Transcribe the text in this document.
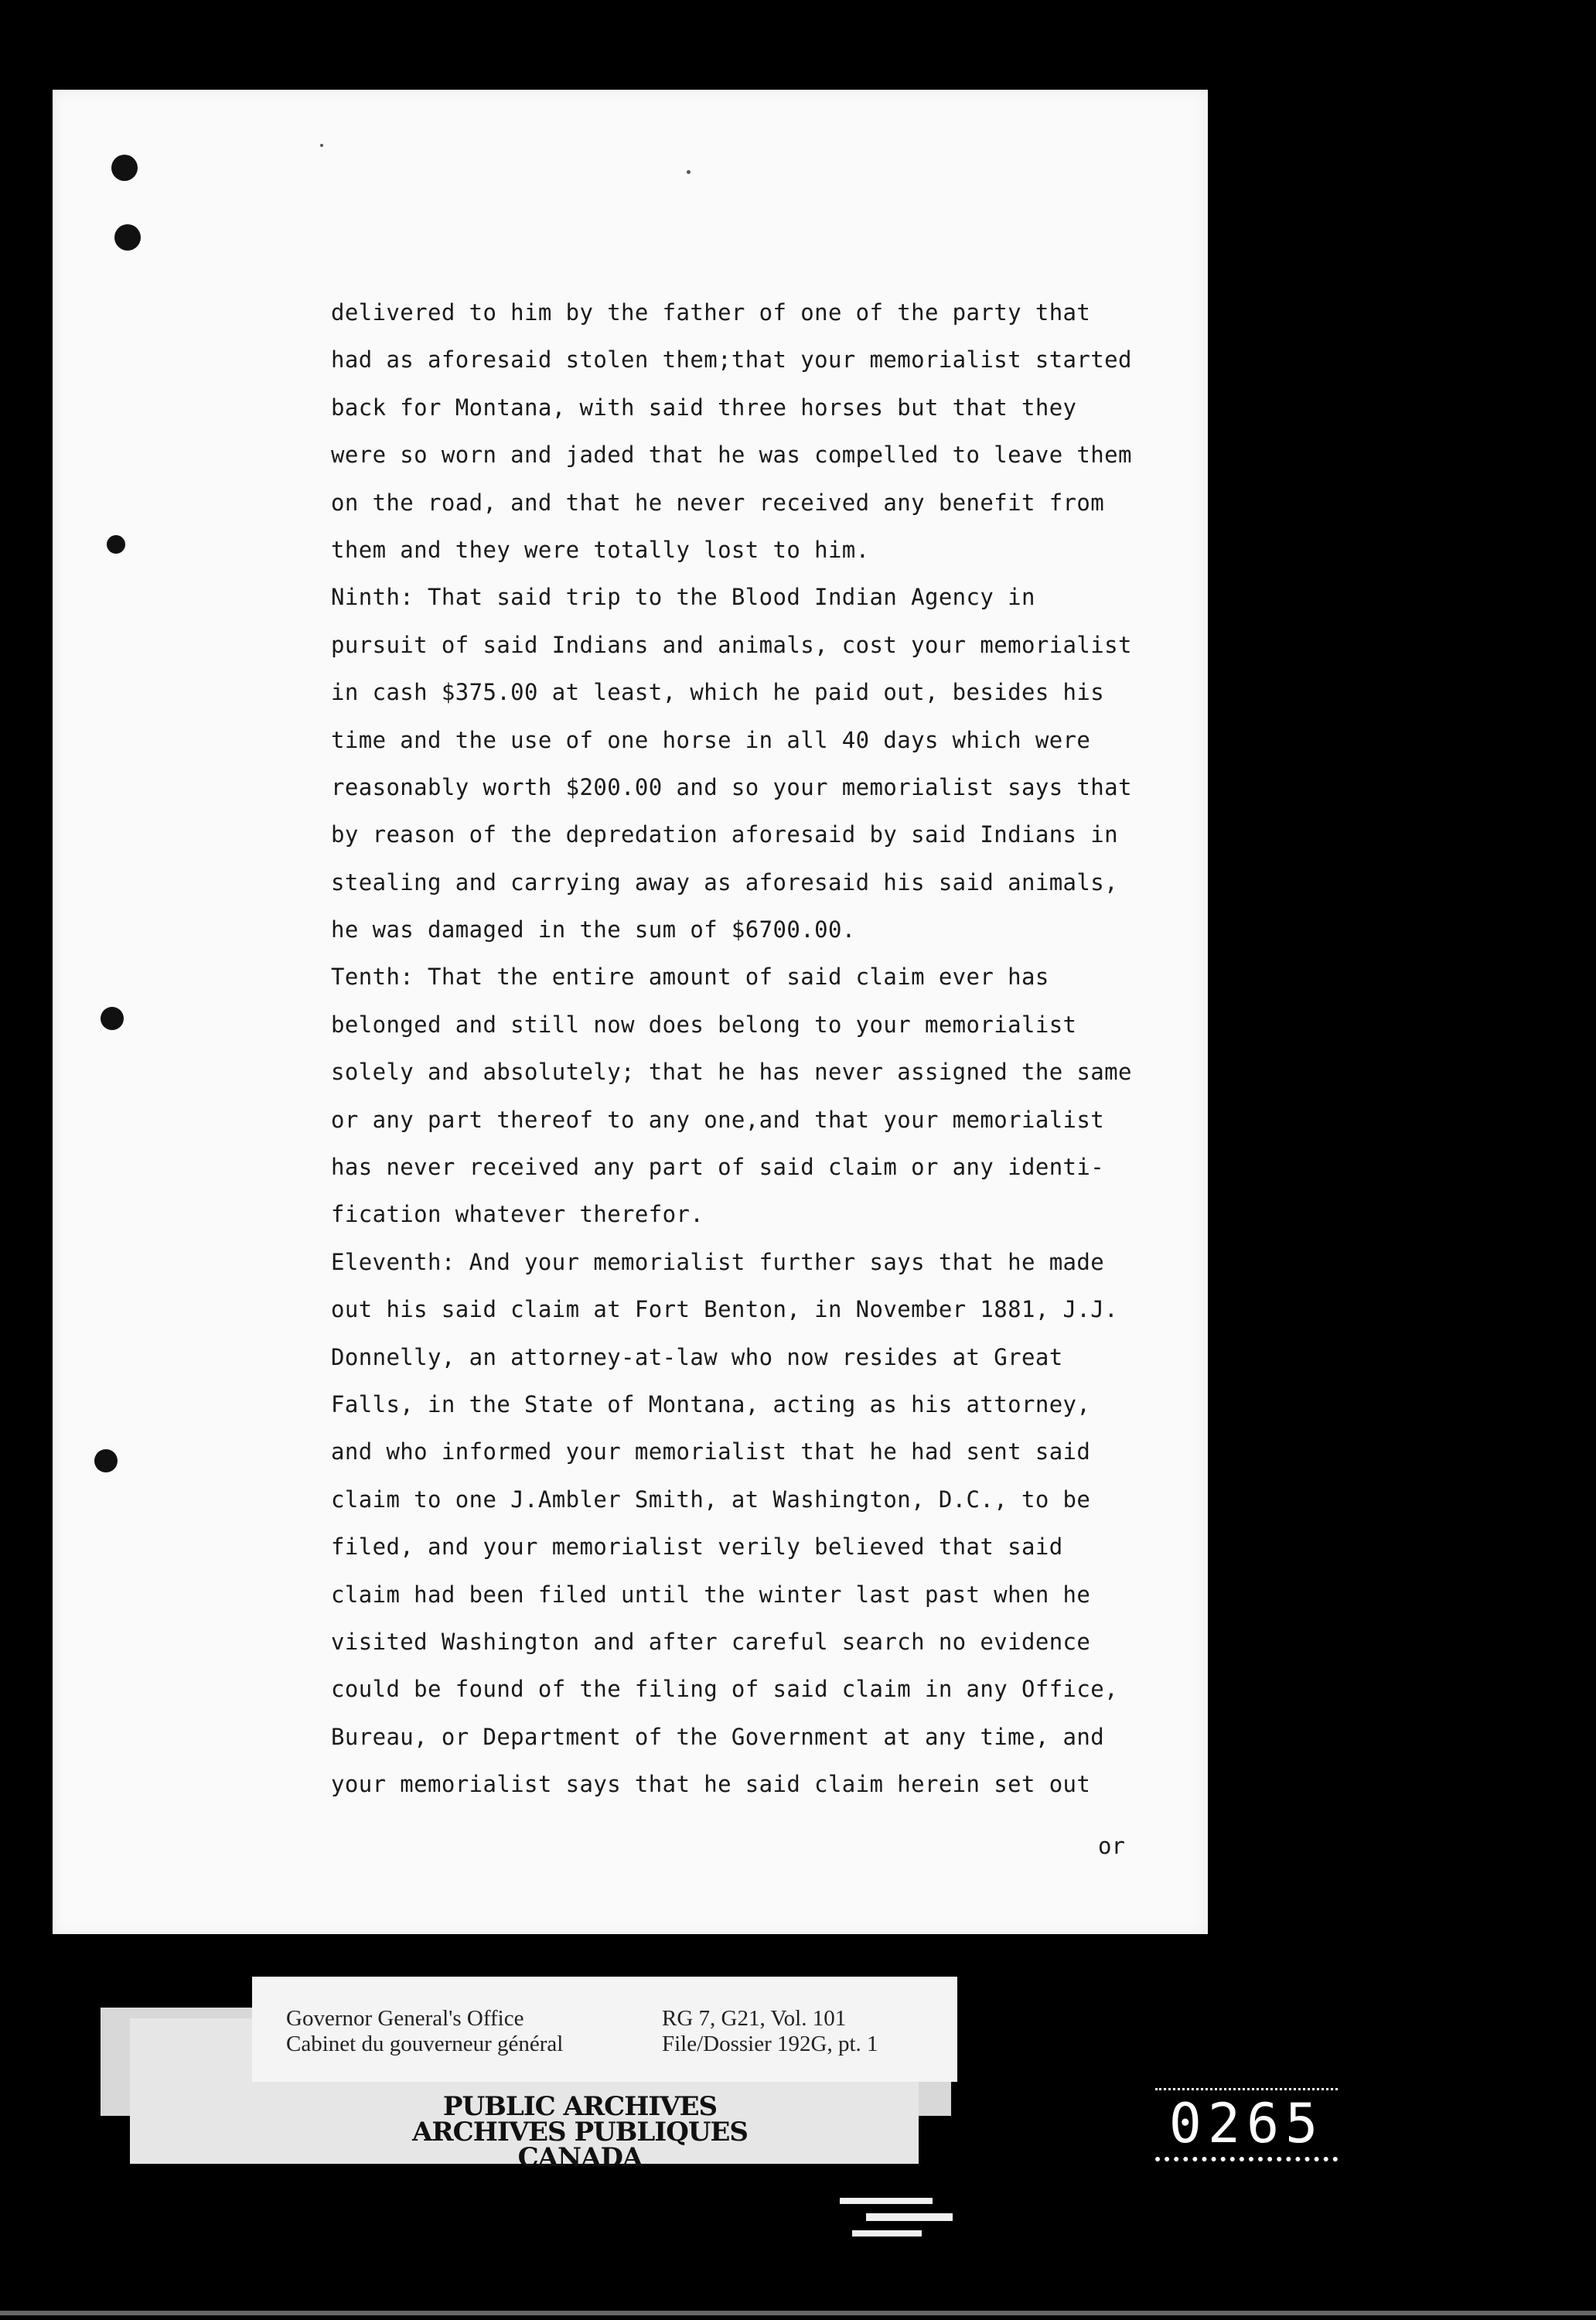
delivered to him by the father of one of the party that
had as aforesaid stolen them;that your memorialist started
back for Montana, with said three horses but that they
were so worn and jaded that he was compelled to leave them
on the road, and that he never received any benefit from
them and they were totally lost to him.
Ninth: That said trip to the Blood Indian Agency in
pursuit of said Indians and animals, cost your memorialist
in cash $375.00 at least, which he paid out, besides his
time and the use of one horse in all 40 days which were
reasonably worth $200.00 and so your memorialist says that
by reason of the depredation aforesaid by said Indians in
stealing and carrying away as aforesaid his said animals,
he was damaged in the sum of $6700.00.
Tenth: That the entire amount of said claim ever has
belonged and still now does belong to your memorialist
solely and absolutely; that he has never assigned the same
or any part thereof to any one,and that your memorialist
has never received any part of said claim or any identi-
fication whatever therefor.
Eleventh: And your memorialist further says that he made
out his said claim at Fort Benton, in November 1881, J.J.
Donnelly, an attorney-at-law who now resides at Great
Falls, in the State of Montana, acting as his attorney,
and who informed your memorialist that he had sent said
claim to one J.Ambler Smith, at Washington, D.C., to be
filed, and your memorialist verily believed that said
claim had been filed until the winter last past when he
visited Washington and after careful search no evidence
could be found of the filing of said claim in any Office,
Bureau, or Department of the Government at any time, and
your memorialist says that he said claim herein set out
or
Governor General's Office
Cabinet du gouverneur général
RG 7, G21, Vol. 101
File/Dossier 192G, pt. 1
PUBLIC ARCHIVES
ARCHIVES PUBLIQUES
CANADA
0265
